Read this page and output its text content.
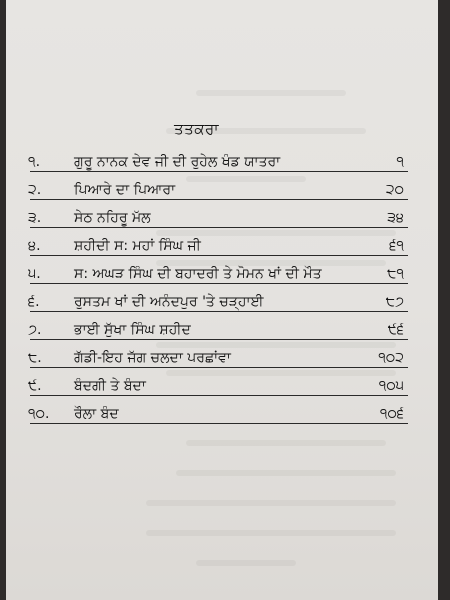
ਤਤਕਰਾ
੧. ਗੁਰੂ ਨਾਨਕ ਦੇਵ ਜੀ ਦੀ ਰੁਹੇਲ ਖੰਡ ਯਾਤਰਾ	੧
੨. ਪਿਆਰੇ ਦਾ ਪਿਆਰਾ	੨੦
੩. ਸੇਠ ਨਹਿਰੂ ਮੱਲ	੩੪
੪. ਸ਼ਹੀਦੀ ਸ: ਮਹਾਂ ਸਿੰਘ ਜੀ	੬੧
੫. ਸ: ਅਘੜ ਸਿੰਘ ਦੀ ਬਹਾਦਰੀ ਤੇ ਮੋਮਨ ਖਾਂ ਦੀ ਮੌਤ	੮੧
੬. ਰੁਸਤਮ ਖਾਂ ਦੀ ਅਨੰਦਪੁਰ 'ਤੇ ਚੜ੍ਹਾਈ	੮੭
੭. ਭਾਈ ਸੁੱਖਾ ਸਿੰਘ ਸ਼ਹੀਦ	੯੬
੮. ਗੱਡੀ-ਇਹ ਜੱਗ ਚਲਦਾ ਪਰਛਾਂਵਾ	੧੦੨
੯. ਬੰਦਗੀ ਤੇ ਬੰਦਾ	੧੦੫
੧੦. ਰੌਲਾ ਬੰਦ	੧੦੬
